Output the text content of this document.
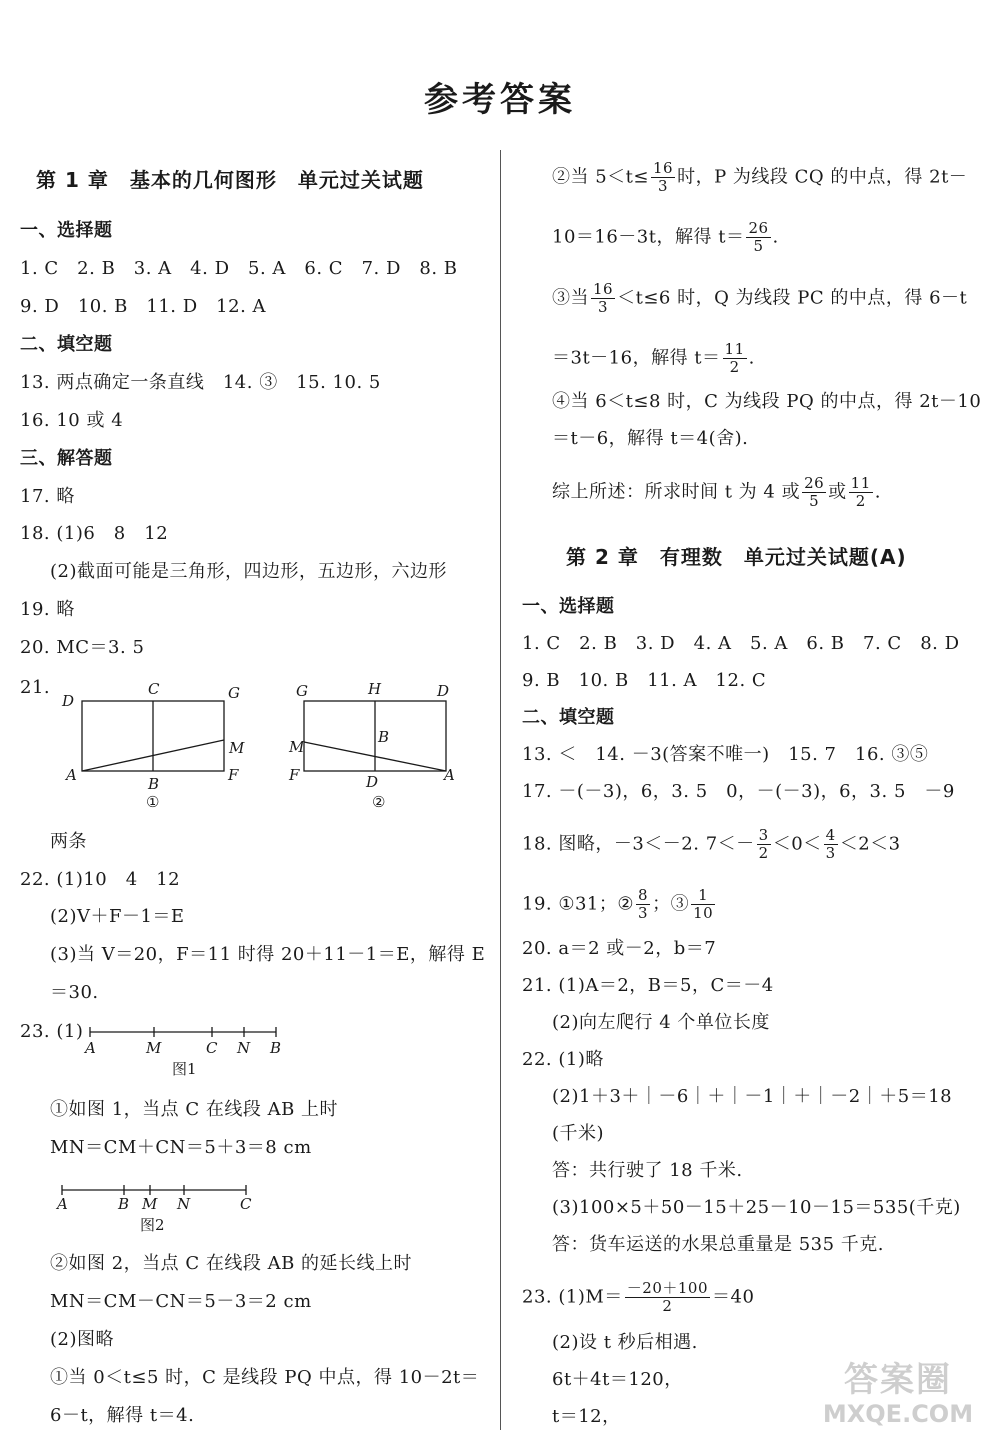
参考答案
第 1 章　基本的几何图形　单元过关试题
一、选择题
1. C　2. B　3. A　4. D　5. A　6. C　7. D　8. B
9. D　10. B　11. D　12. A
二、填空题
13. 两点确定一条直线　14. ③　15. 10. 5
16. 10 或 4
三、解答题
17. 略
18. (1)6　8　12
(2)截面可能是三角形，四边形，五边形，六边形
19. 略
20. MC＝3. 5
21.
D
C	G
M
A	B	F
①
G	H	D
M
B
F	D	A
②
两条
22. (1)10　4　12
(2)V＋F－1＝E
(3)当 V＝20，F＝11 时得 20＋11－1＝E，解得 E
＝30.
23. (1)
A	M	C N B
图1
①如图 1，当点 C 在线段 AB 上时
MN＝CM＋CN＝5＋3＝8 cm
A	B M N	C
图2
②如图 2，当点 C 在线段 AB 的延长线上时
MN＝CM－CN＝5－3＝2 cm
(2)图略
①当 0＜t≤5 时，C 是线段 PQ 中点，得 10－2t＝
6－t，解得 t＝4.
②当 $5<t\le \frac{16}{3}$ 时，P 为线段 CQ 的中点，得 2t－
10＝16－3t，解得 $t= \frac{26}{5}$ .
③当 $\frac{16}{3} <t\le 6$ 时，Q 为线段 PC 的中点，得 6－t
＝3t－16，解得 $t= \frac{11}{2}$ .
④当 6＜t≤8 时，C 为线段 PQ 的中点，得 2t－10
＝t－6，解得 t＝4(舍).
综上所述：所求时间 t 为 4 或 $\frac{26}{5}$ 或 $\frac{11}{2}$ .
第 2 章　有理数　单元过关试题(A)
一、选择题
1. C　2. B　3. D　4. A　5. A　6. B　7. C　8. D
9. B　10. B　11. A　12. C
二、填空题
13. ＜　14. －3(答案不唯一)　15. 7　16. ③⑤
17. －(－3)，6，3. 5　0，－(－3)，6，3. 5　－9
18. 图略，－3＜－2. $7<- \frac{3}{2} <0< \frac{4}{3} <2<3$
19. ①31；② $\frac{8}{3}$ ；③ $\frac{1}{10}$
20. a＝2 或－2，b＝7
21. (1)A＝2，B＝5，C＝－4
(2)向左爬行 4 个单位长度
22. (1)略
(2)1＋3＋｜－6｜＋｜－1｜＋｜－2｜＋5＝18
(千米)
答：共行驶了 18 千米.
(3)100×5＋50－15＋25－10－15＝535(千克)
答：货车运送的水果总重量是 535 千克.
23. $(1)M= \frac{-20+100}{2} =40$
(2)设 t 秒后相遇.
6t＋4t＝120，
t＝12，
答案圈
MXQE.COM
